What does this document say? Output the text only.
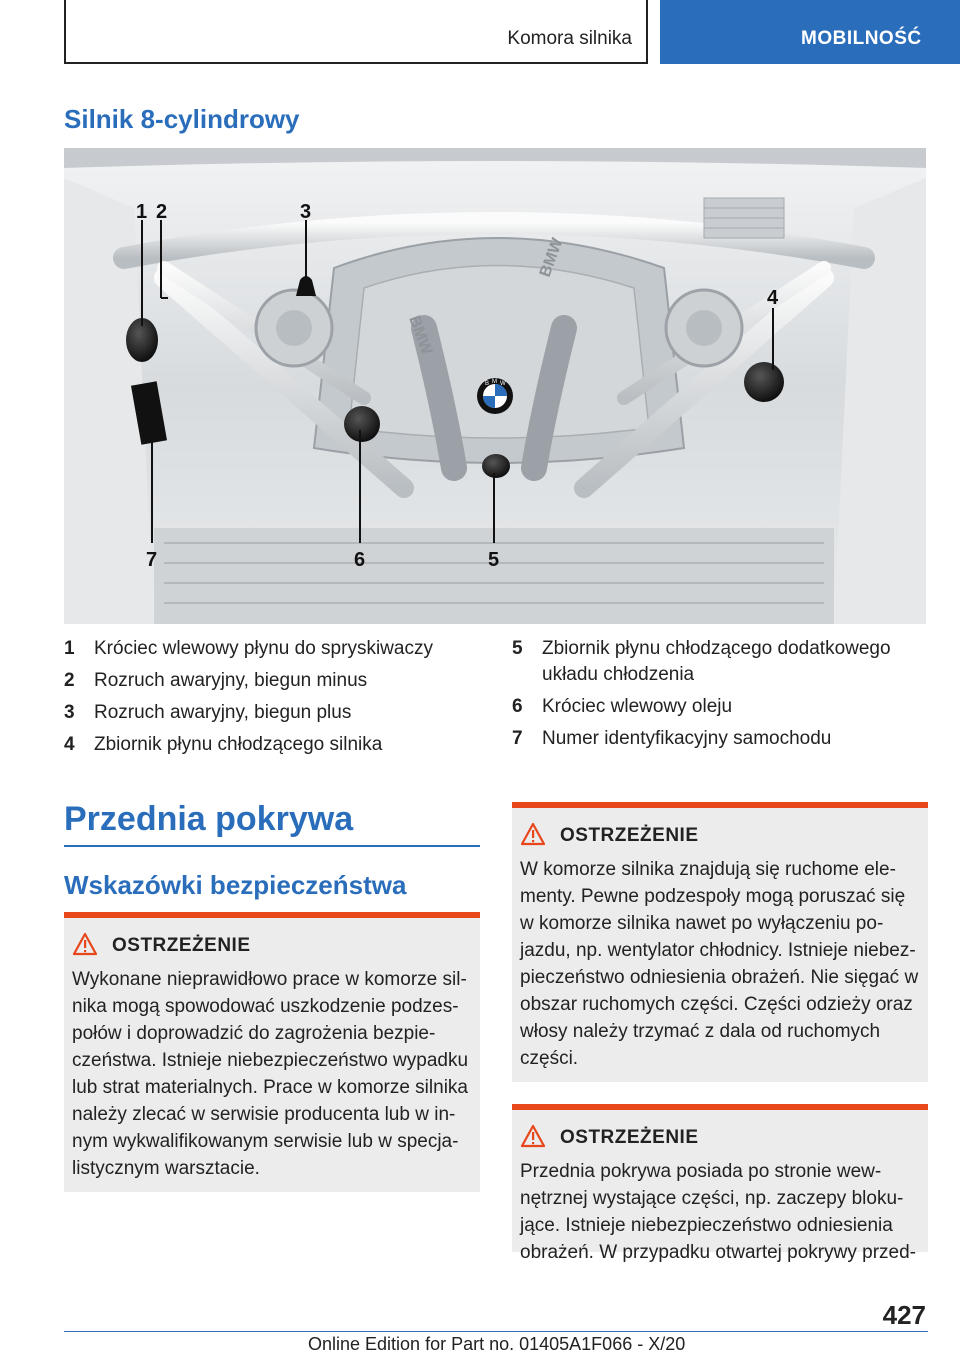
Komora silnika	MOBILNOŚĆ
Silnik 8-cylindrowy
BMW
BMW
B M W
1 2	3
4
5
6
7
1 Króciec wlewowy płynu do spryskiwaczy
2 Rozruch awaryjny, biegun minus
3 Rozruch awaryjny, biegun plus
4 Zbiornik płynu chłodzącego silnika
5 Zbiornik płynu chłodzącego dodatkowego układu chłodzenia
6 Króciec wlewowy oleju
7 Numer identyfikacyjny samochodu
Przednia pokrywa
Wskazówki bezpieczeństwa
OSTRZEŻENIE

Wykonane nieprawidłowo prace w komorze sil-nika mogą spowodować uszkodzenie podzes-połów i doprowadzić do zagrożenia bezpie-czeństwa. Istnieje niebezpieczeństwo wypadku lub strat materialnych. Prace w komorze silnika należy zlecać w serwisie producenta lub w in-nym wykwalifikowanym serwisie lub w specja-listycznym warsztacie.

OSTRZEŻENIE

W komorze silnika znajdują się ruchome ele-menty. Pewne podzespoły mogą poruszać się w komorze silnika nawet po wyłączeniu po-jazdu, np. wentylator chłodnicy. Istnieje niebez-pieczeństwo odniesienia obrażeń. Nie sięgać w obszar ruchomych części. Części odzieży oraz włosy należy trzymać z dala od ruchomych części.

OSTRZEŻENIE

Przednia pokrywa posiada po stronie wew-nętrznej wystające części, np. zaczepy bloku-jące. Istnieje niebezpieczeństwo odniesienia obrażeń. W przypadku otwartej pokrywy przed-

427
Online Edition for Part no. 01405A1F066 - X/20
